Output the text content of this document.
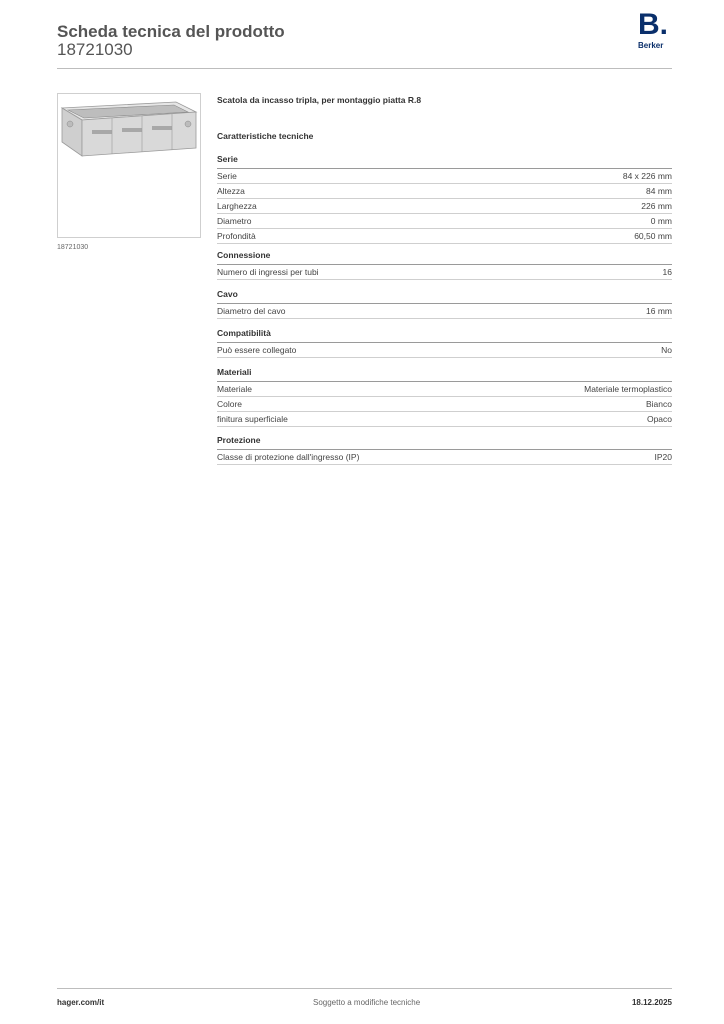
Scheda tecnica del prodotto
18721030
B.
Berker
18721030
Scatola da incasso tripla, per montaggio piatta R.8
Caratteristiche tecniche
Serie
Serie	84 x 226 mm
Altezza	84 mm
Larghezza	226 mm
Diametro	0 mm
Profondità	60,50 mm
Connessione
Numero di ingressi per tubi	16
Cavo
Diametro del cavo	16 mm
Compatibilità
Può essere collegato	No
Materiali
Materiale	Materiale termoplastico
Colore	Bianco
finitura superficiale	Opaco
Protezione
Classe di protezione dall'ingresso (IP)	IP20
hager.com/it	Soggetto a modifiche tecniche	18.12.2025
